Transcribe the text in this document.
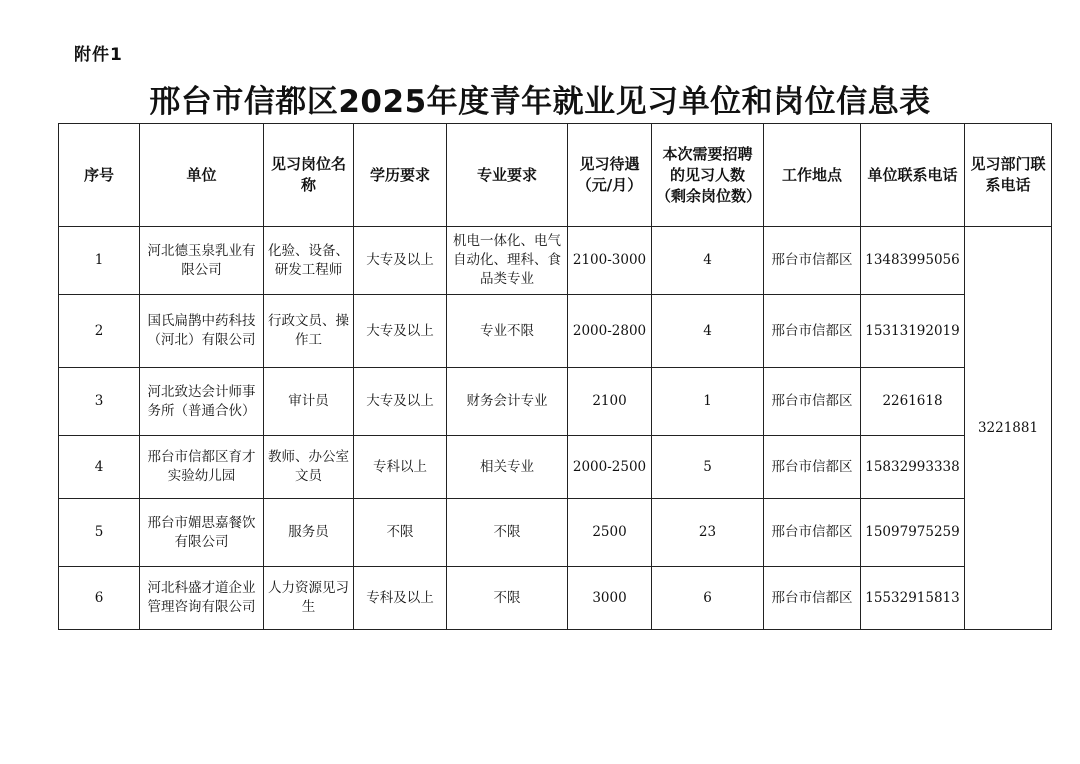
附件1
邢台市信都区2025年度青年就业见习单位和岗位信息表
序号	单位	见习岗位名称	学历要求	专业要求	见习待遇（元/月）	本次需要招聘的见习人数（剩余岗位数）	工作地点	单位联系电话	见习部门联系电话
1	河北德玉泉乳业有限公司	化验、设备、研发工程师	大专及以上	机电一体化、电气自动化、理科、食品类专业	2100-3000	4	邢台市信都区	13483995056	3221881
2	国氏扁鹊中药科技（河北）有限公司	行政文员、操作工	大专及以上	专业不限	2000-2800	4	邢台市信都区	15313192019	
3	河北致达会计师事务所（普通合伙）	审计员	大专及以上	财务会计专业	2100	1	邢台市信都区	2261618	
4	邢台市信都区育才实验幼儿园	教师、办公室文员	专科以上	相关专业	2000-2500	5	邢台市信都区	15832993338	
5	邢台市媚思嘉餐饮有限公司	服务员	不限	不限	2500	23	邢台市信都区	15097975259	
6	河北科盛才道企业管理咨询有限公司	人力资源见习生	专科及以上	不限	3000	6	邢台市信都区	15532915813	
